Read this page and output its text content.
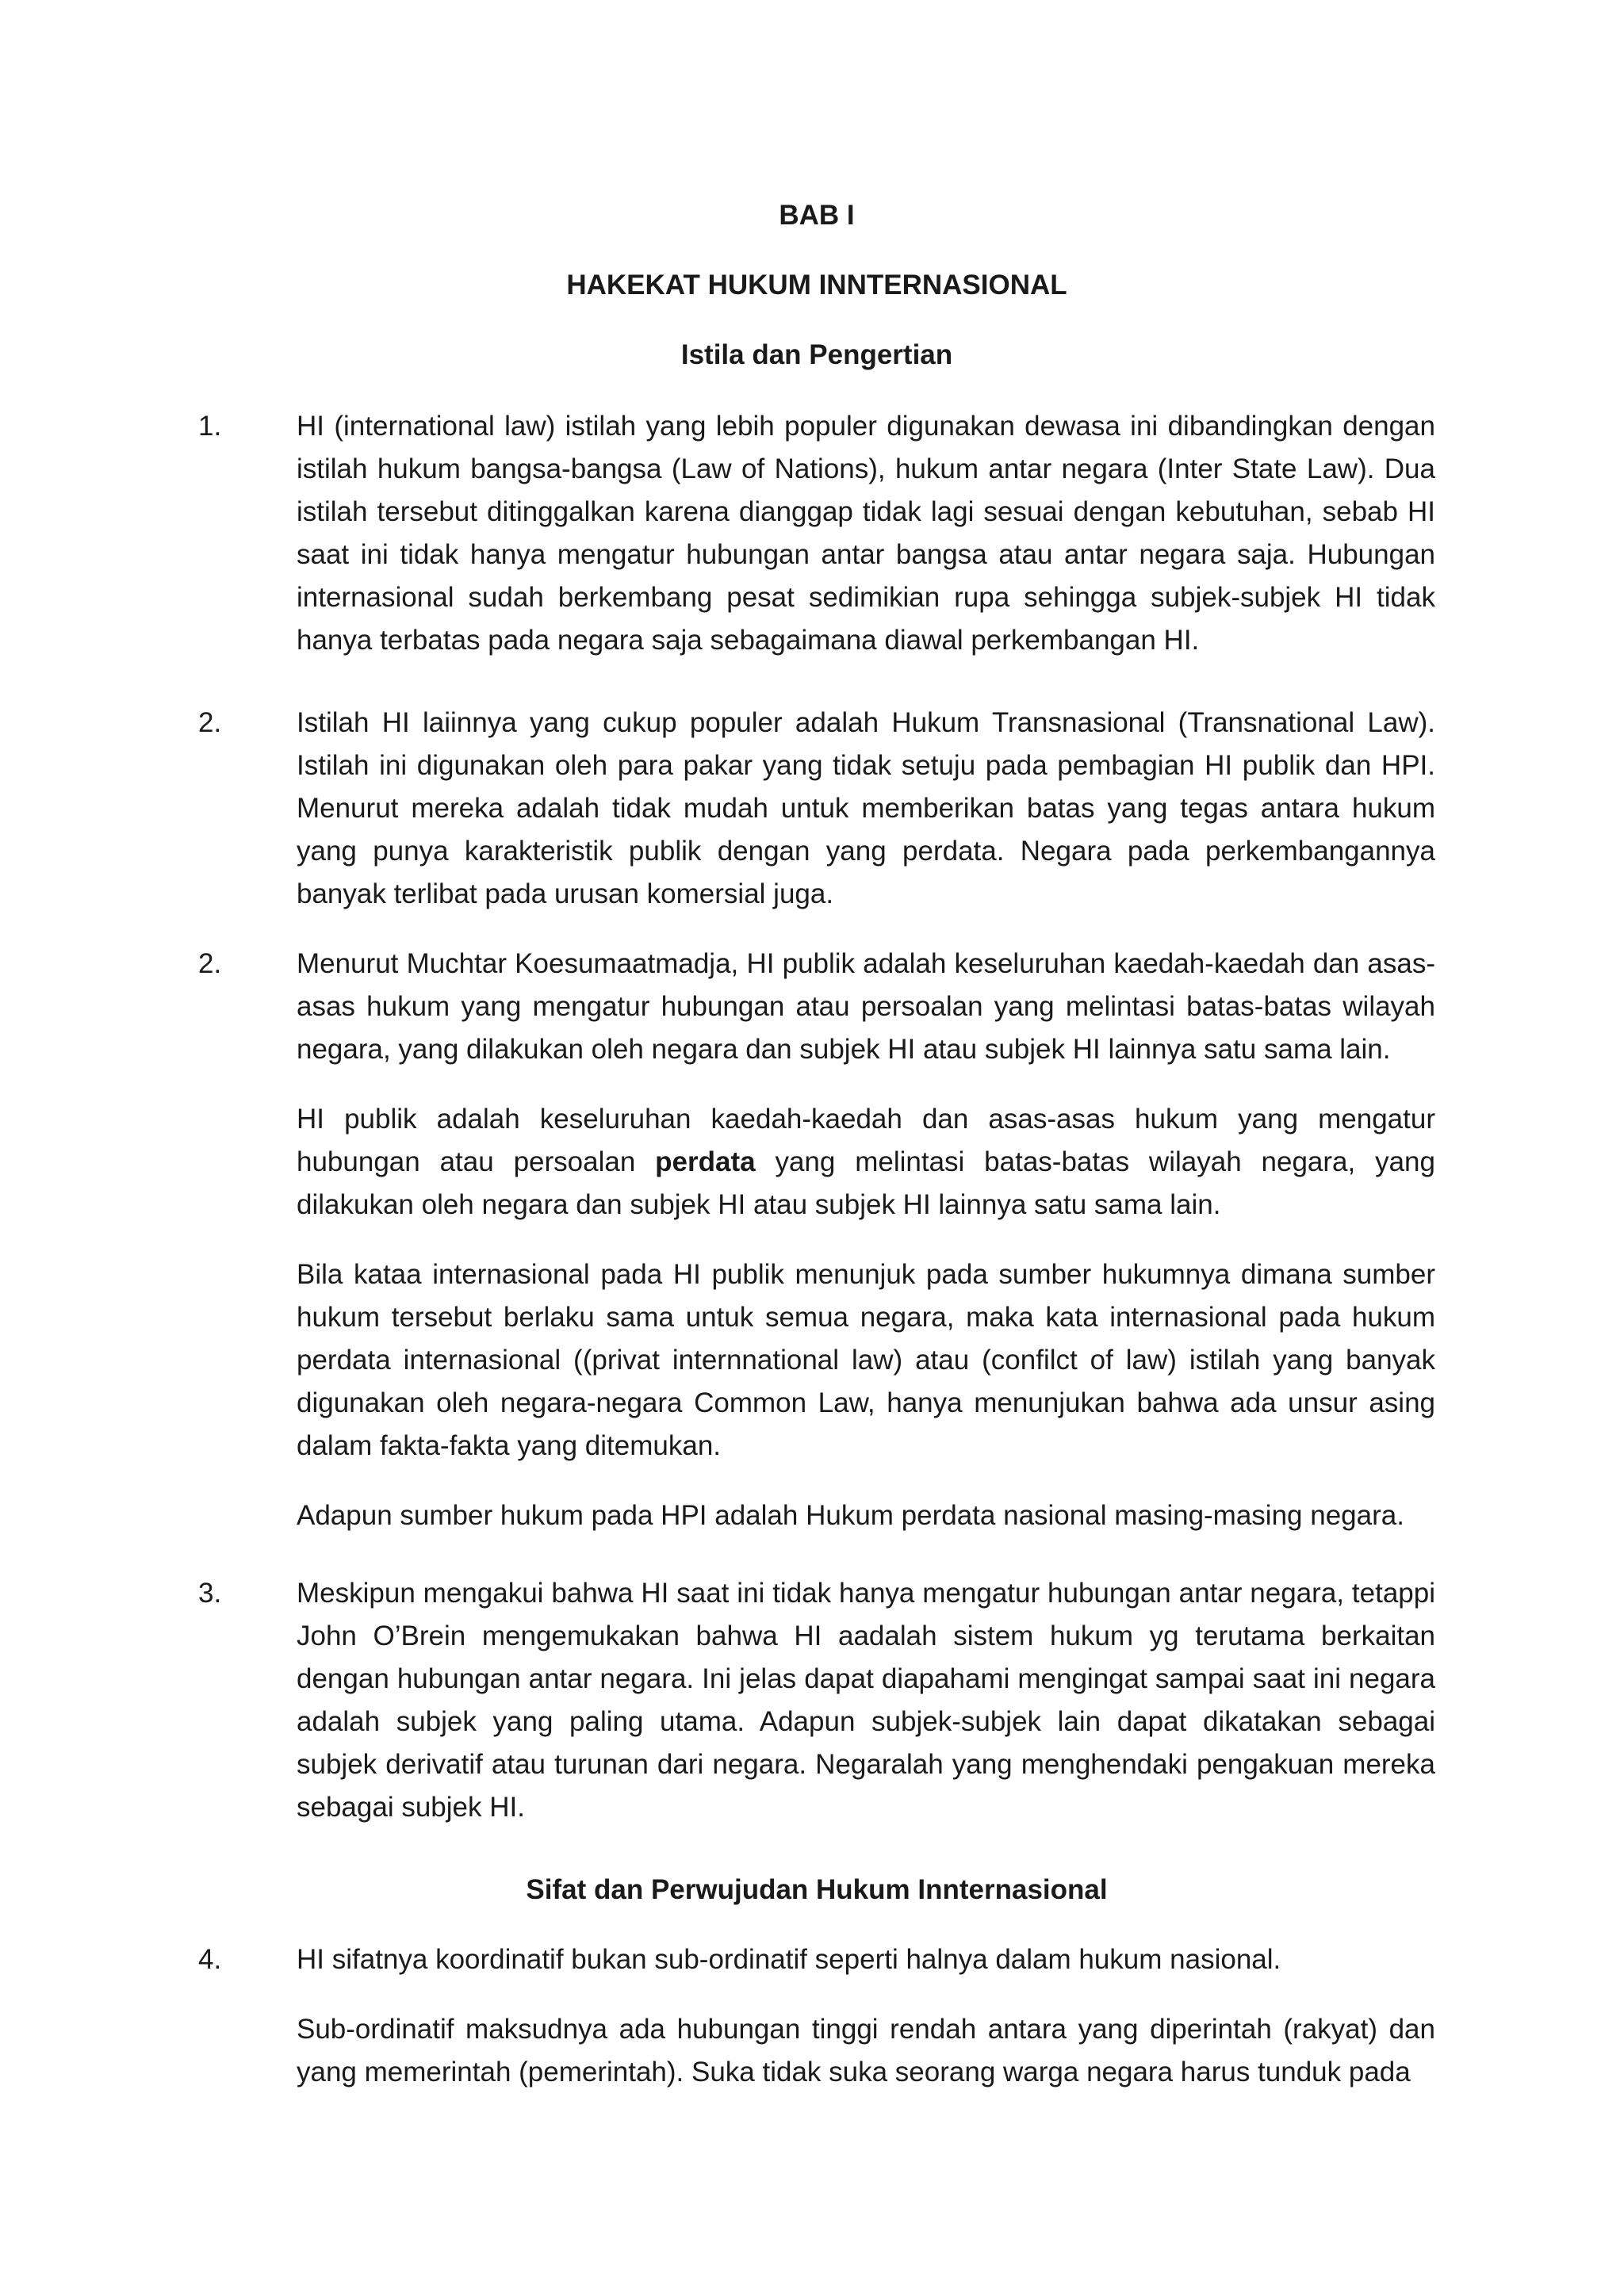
BAB I
HAKEKAT HUKUM INNTERNASIONAL
Istila dan Pengertian
1.	HI (international law) istilah yang lebih populer digunakan dewasa ini dibandingkan dengan istilah hukum bangsa-bangsa (Law of Nations), hukum antar negara (Inter State Law). Dua istilah tersebut ditinggalkan karena dianggap tidak lagi sesuai dengan kebutuhan, sebab HI saat ini tidak hanya mengatur hubungan antar bangsa atau antar negara saja. Hubungan internasional sudah berkembang pesat sedimikian rupa sehingga subjek-subjek HI tidak hanya terbatas pada negara saja sebagaimana diawal perkembangan HI.

2.	Istilah HI laiinnya yang cukup populer adalah Hukum Transnasional (Transnational Law). Istilah ini digunakan oleh para pakar yang tidak setuju pada pembagian HI publik dan HPI. Menurut mereka adalah tidak mudah untuk memberikan batas yang tegas antara hukum yang punya karakteristik publik dengan yang perdata. Negara pada perkembangannya banyak terlibat pada urusan komersial juga.

2.	Menurut Muchtar Koesumaatmadja, HI publik adalah keseluruhan kaedah-kaedah dan asas-asas hukum yang mengatur hubungan atau persoalan yang melintasi batas-batas wilayah negara, yang dilakukan oleh negara dan subjek HI atau subjek HI lainnya satu sama lain.

HI publik adalah keseluruhan kaedah-kaedah dan asas-asas hukum yang mengatur hubungan atau persoalan perdata yang melintasi batas-batas wilayah negara, yang dilakukan oleh negara dan subjek HI atau subjek HI lainnya satu sama lain.

Bila kataa internasional pada HI publik menunjuk pada sumber hukumnya dimana sumber hukum tersebut berlaku sama untuk semua negara, maka kata internasional pada hukum perdata internasional ((privat internnational law) atau (confilct of law) istilah yang banyak digunakan oleh negara-negara Common Law, hanya menunjukan bahwa ada unsur asing dalam fakta-fakta yang ditemukan.

Adapun sumber hukum pada HPI adalah Hukum perdata nasional masing-masing negara.

3.	Meskipun mengakui bahwa HI saat ini tidak hanya mengatur hubungan antar negara, tetappi John O’Brein mengemukakan bahwa HI aadalah sistem hukum yg terutama berkaitan dengan hubungan antar negara. Ini jelas dapat diapahami mengingat sampai saat ini negara adalah subjek yang paling utama. Adapun subjek-subjek lain dapat dikatakan sebagai subjek derivatif atau turunan dari negara. Negaralah yang menghendaki pengakuan mereka sebagai subjek HI.

Sifat dan Perwujudan Hukum Innternasional
4.	HI sifatnya koordinatif bukan sub-ordinatif seperti halnya dalam hukum nasional.

Sub-ordinatif maksudnya ada hubungan tinggi rendah antara yang diperintah (rakyat) dan yang memerintah (pemerintah). Suka tidak suka seorang warga negara harus tunduk pada
